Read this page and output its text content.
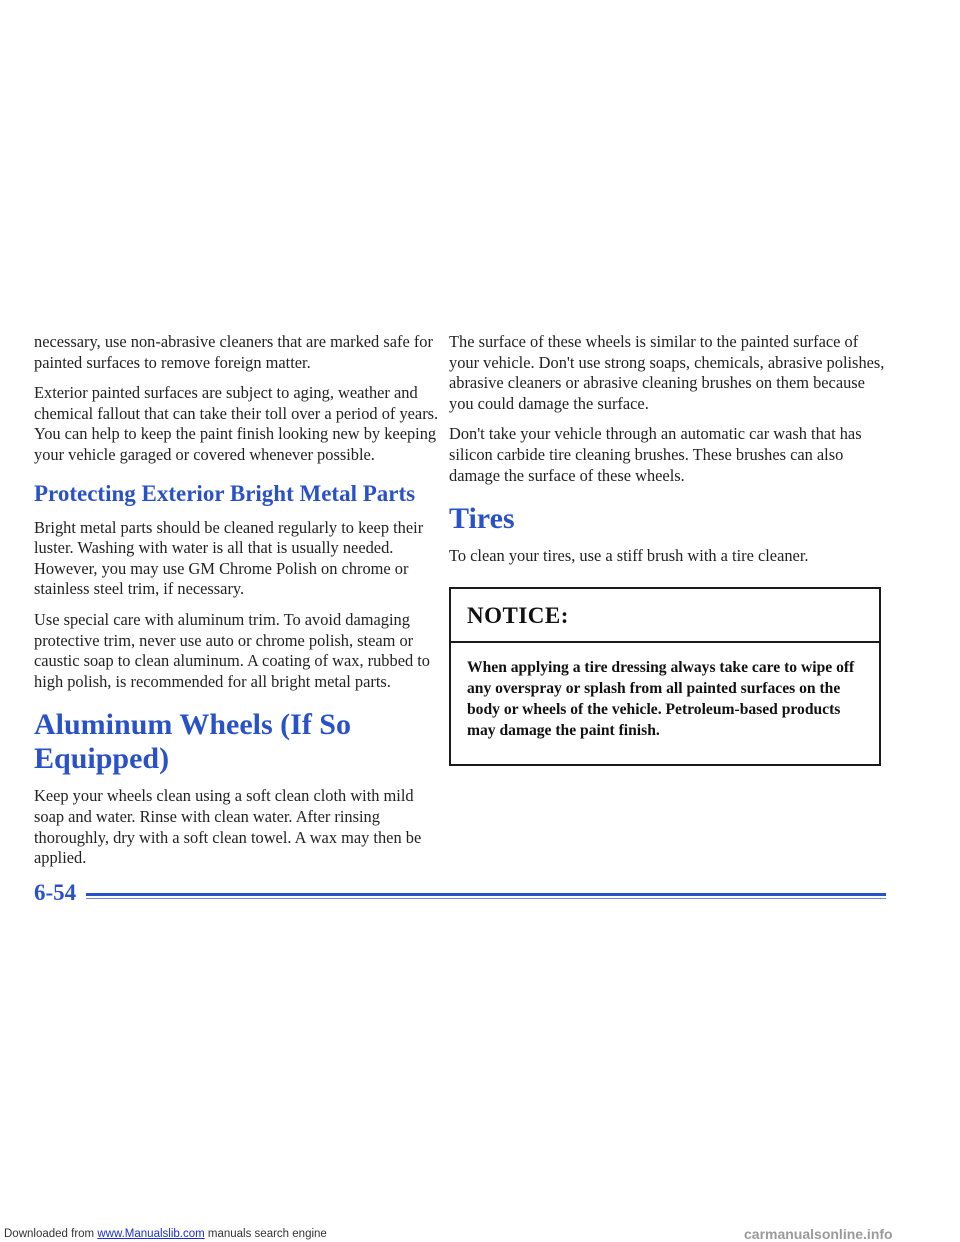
necessary, use non-abrasive cleaners that are marked safe for painted surfaces to remove foreign matter.

Exterior painted surfaces are subject to aging, weather and chemical fallout that can take their toll over a period of years. You can help to keep the paint finish looking new by keeping your vehicle garaged or covered whenever possible.

Protecting Exterior Bright Metal Parts

Bright metal parts should be cleaned regularly to keep their luster. Washing with water is all that is usually needed. However, you may use GM Chrome Polish on chrome or stainless steel trim, if necessary.

Use special care with aluminum trim. To avoid damaging protective trim, never use auto or chrome polish, steam or caustic soap to clean aluminum. A coating of wax, rubbed to high polish, is recommended for all bright metal parts.

Aluminum Wheels (If So Equipped)

Keep your wheels clean using a soft clean cloth with mild soap and water. Rinse with clean water. After rinsing thoroughly, dry with a soft clean towel. A wax may then be applied.

The surface of these wheels is similar to the painted surface of your vehicle. Don't use strong soaps, chemicals, abrasive polishes, abrasive cleaners or abrasive cleaning brushes on them because you could damage the surface.

Don't take your vehicle through an automatic car wash that has silicon carbide tire cleaning brushes. These brushes can also damage the surface of these wheels.

Tires

To clean your tires, use a stiff brush with a tire cleaner.

NOTICE:
When applying a tire dressing always take care to wipe off any overspray or splash from all painted surfaces on the body or wheels of the vehicle. Petroleum-based products may damage the paint finish.
6-54
Downloaded from www.Manualslib.com manuals search engine	carmanualsonline.info
